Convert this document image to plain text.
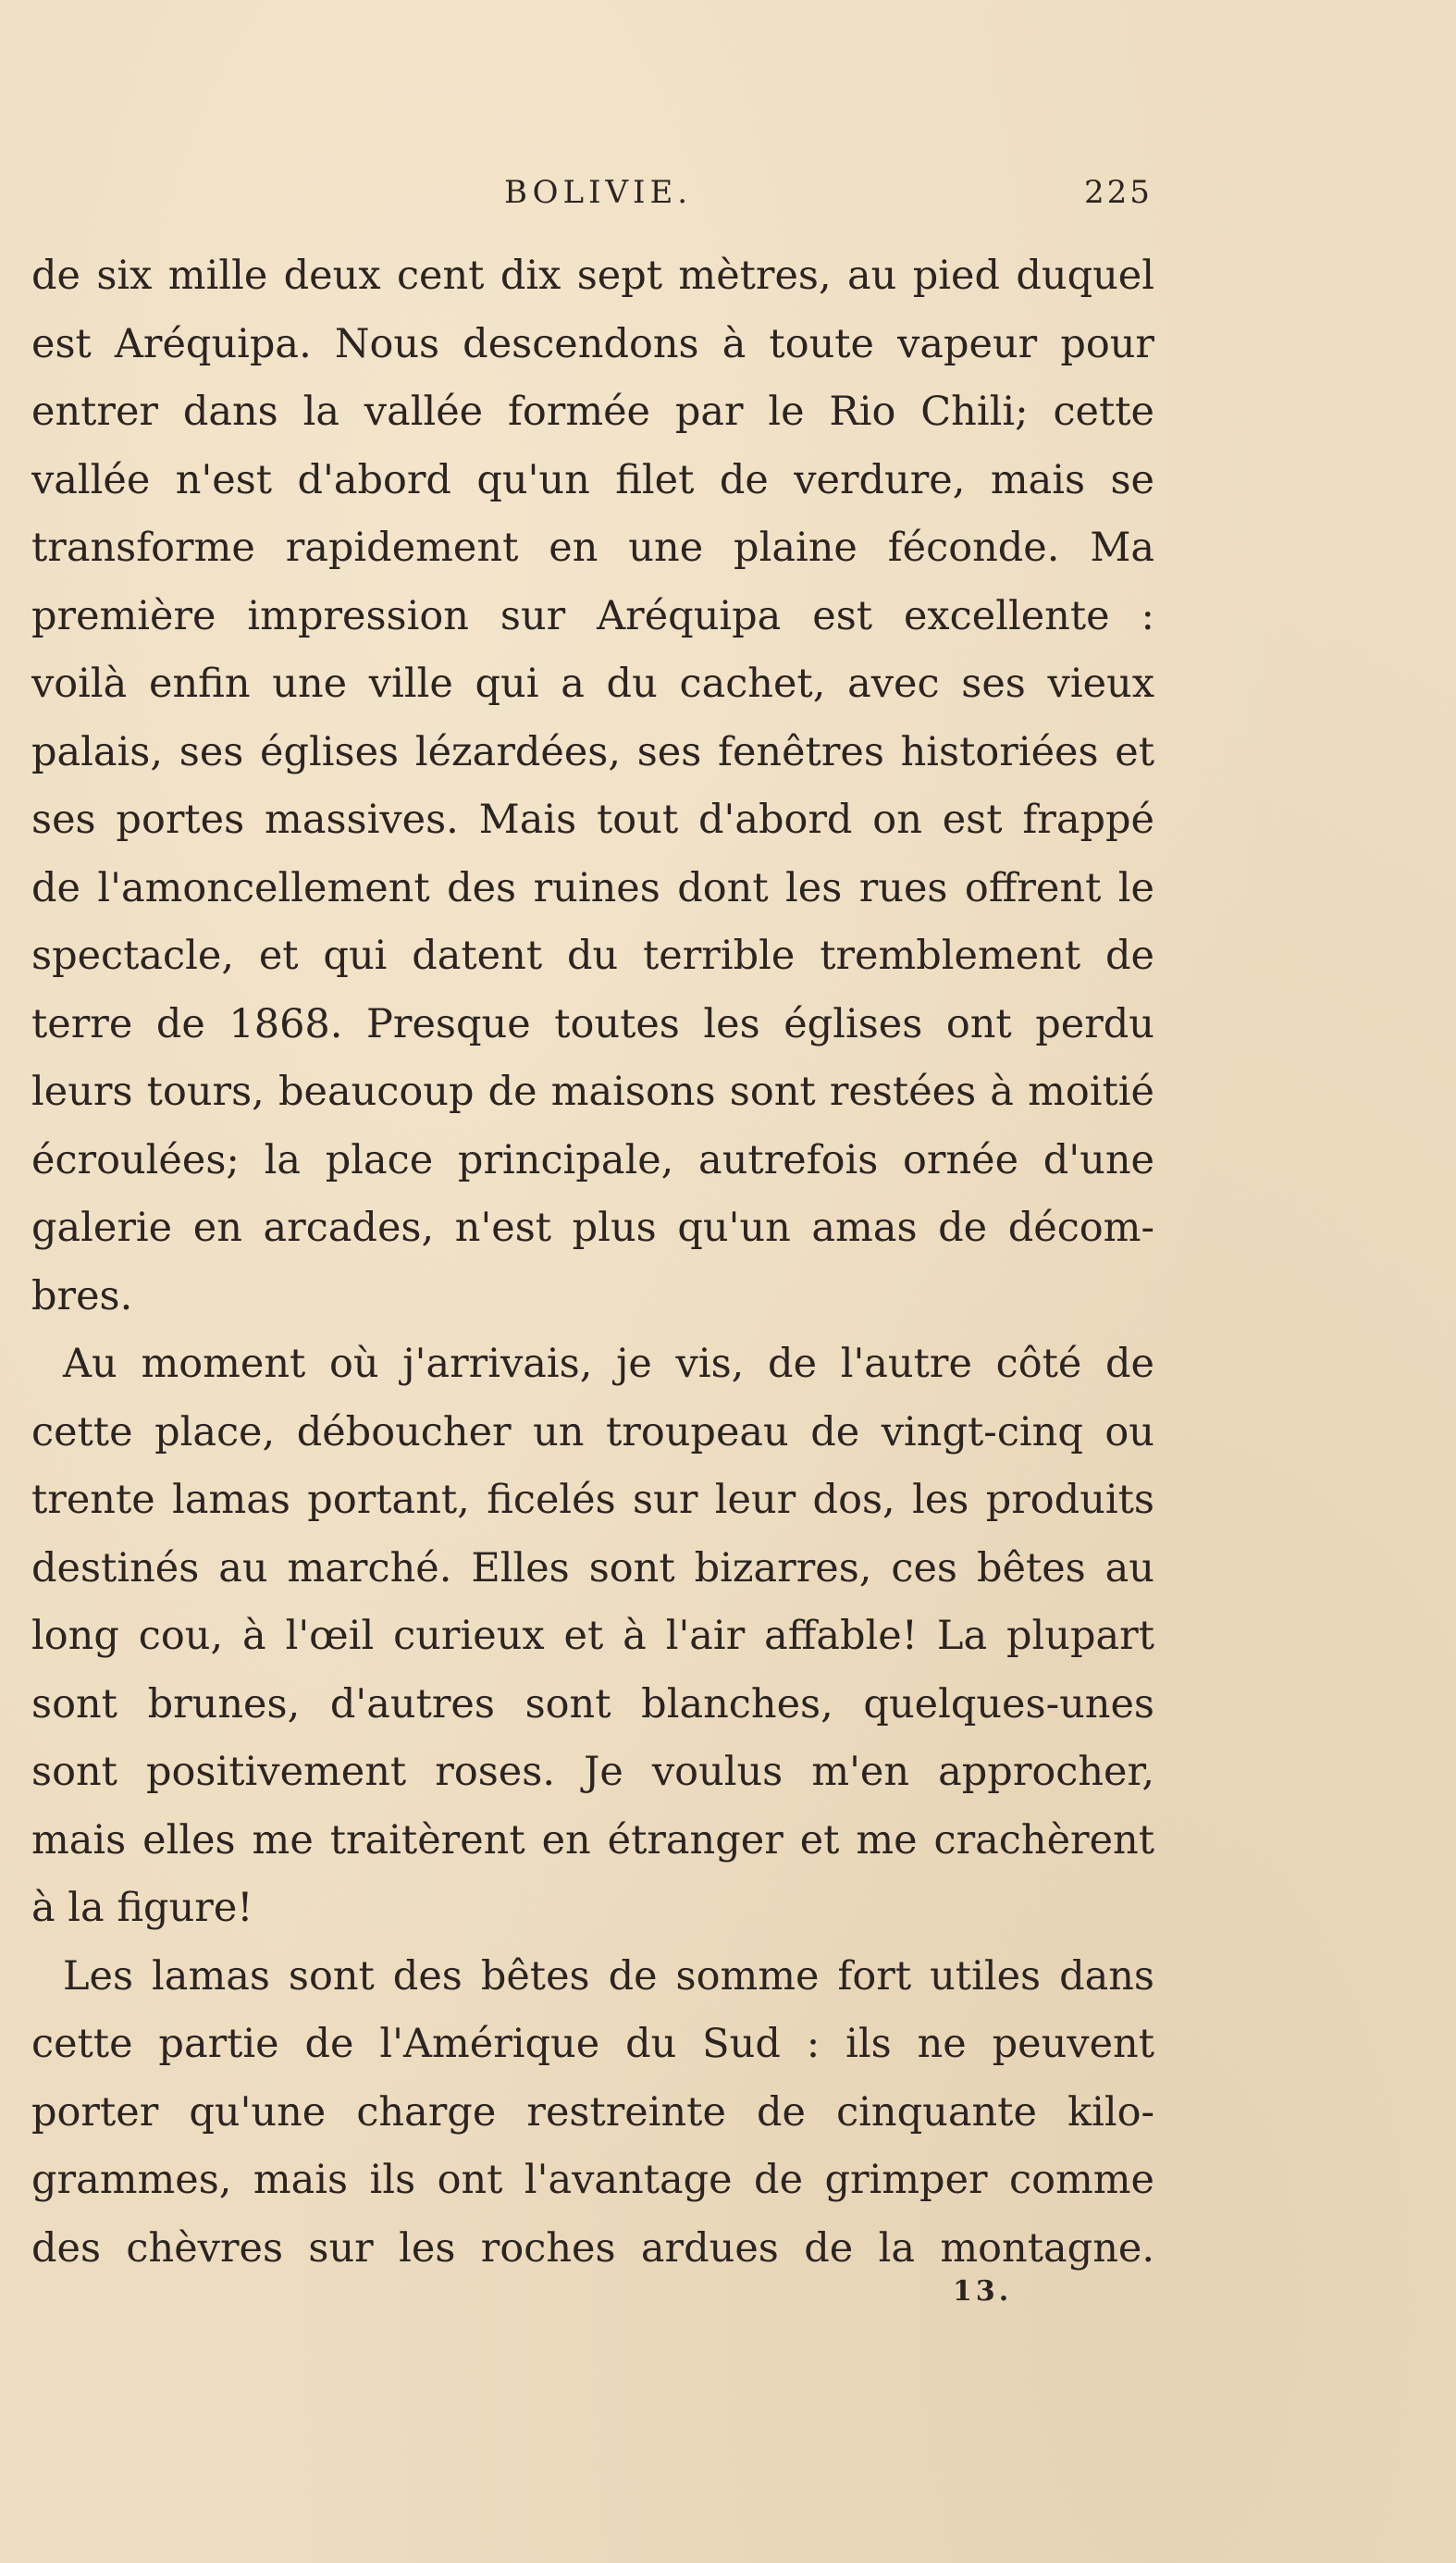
BOLIVIE.	225
de six mille deux cent dix sept mètres, au pied duquel
est Aréquipa. Nous descendons à toute vapeur pour
entrer dans la vallée formée par le Rio Chili; cette
vallée n'est d'abord qu'un filet de verdure, mais se
transforme rapidement en une plaine féconde. Ma
première impression sur Aréquipa est excellente :
voilà enfin une ville qui a du cachet, avec ses vieux
palais, ses églises lézardées, ses fenêtres historiées et
ses portes massives. Mais tout d'abord on est frappé
de l'amoncellement des ruines dont les rues offrent le
spectacle, et qui datent du terrible tremblement de
terre de 1868. Presque toutes les églises ont perdu
leurs tours, beaucoup de maisons sont restées à moitié
écroulées; la place principale, autrefois ornée d'une
galerie en arcades, n'est plus qu'un amas de décom-
bres.
Au moment où j'arrivais, je vis, de l'autre côté de
cette place, déboucher un troupeau de vingt-cinq ou
trente lamas portant, ficelés sur leur dos, les produits
destinés au marché. Elles sont bizarres, ces bêtes au
long cou, à l'œil curieux et à l'air affable! La plupart
sont brunes, d'autres sont blanches, quelques-unes
sont positivement roses. Je voulus m'en approcher,
mais elles me traitèrent en étranger et me crachèrent
à la figure!
Les lamas sont des bêtes de somme fort utiles dans
cette partie de l'Amérique du Sud : ils ne peuvent
porter qu'une charge restreinte de cinquante kilo-
grammes, mais ils ont l'avantage de grimper comme
des chèvres sur les roches ardues de la montagne.
13.
